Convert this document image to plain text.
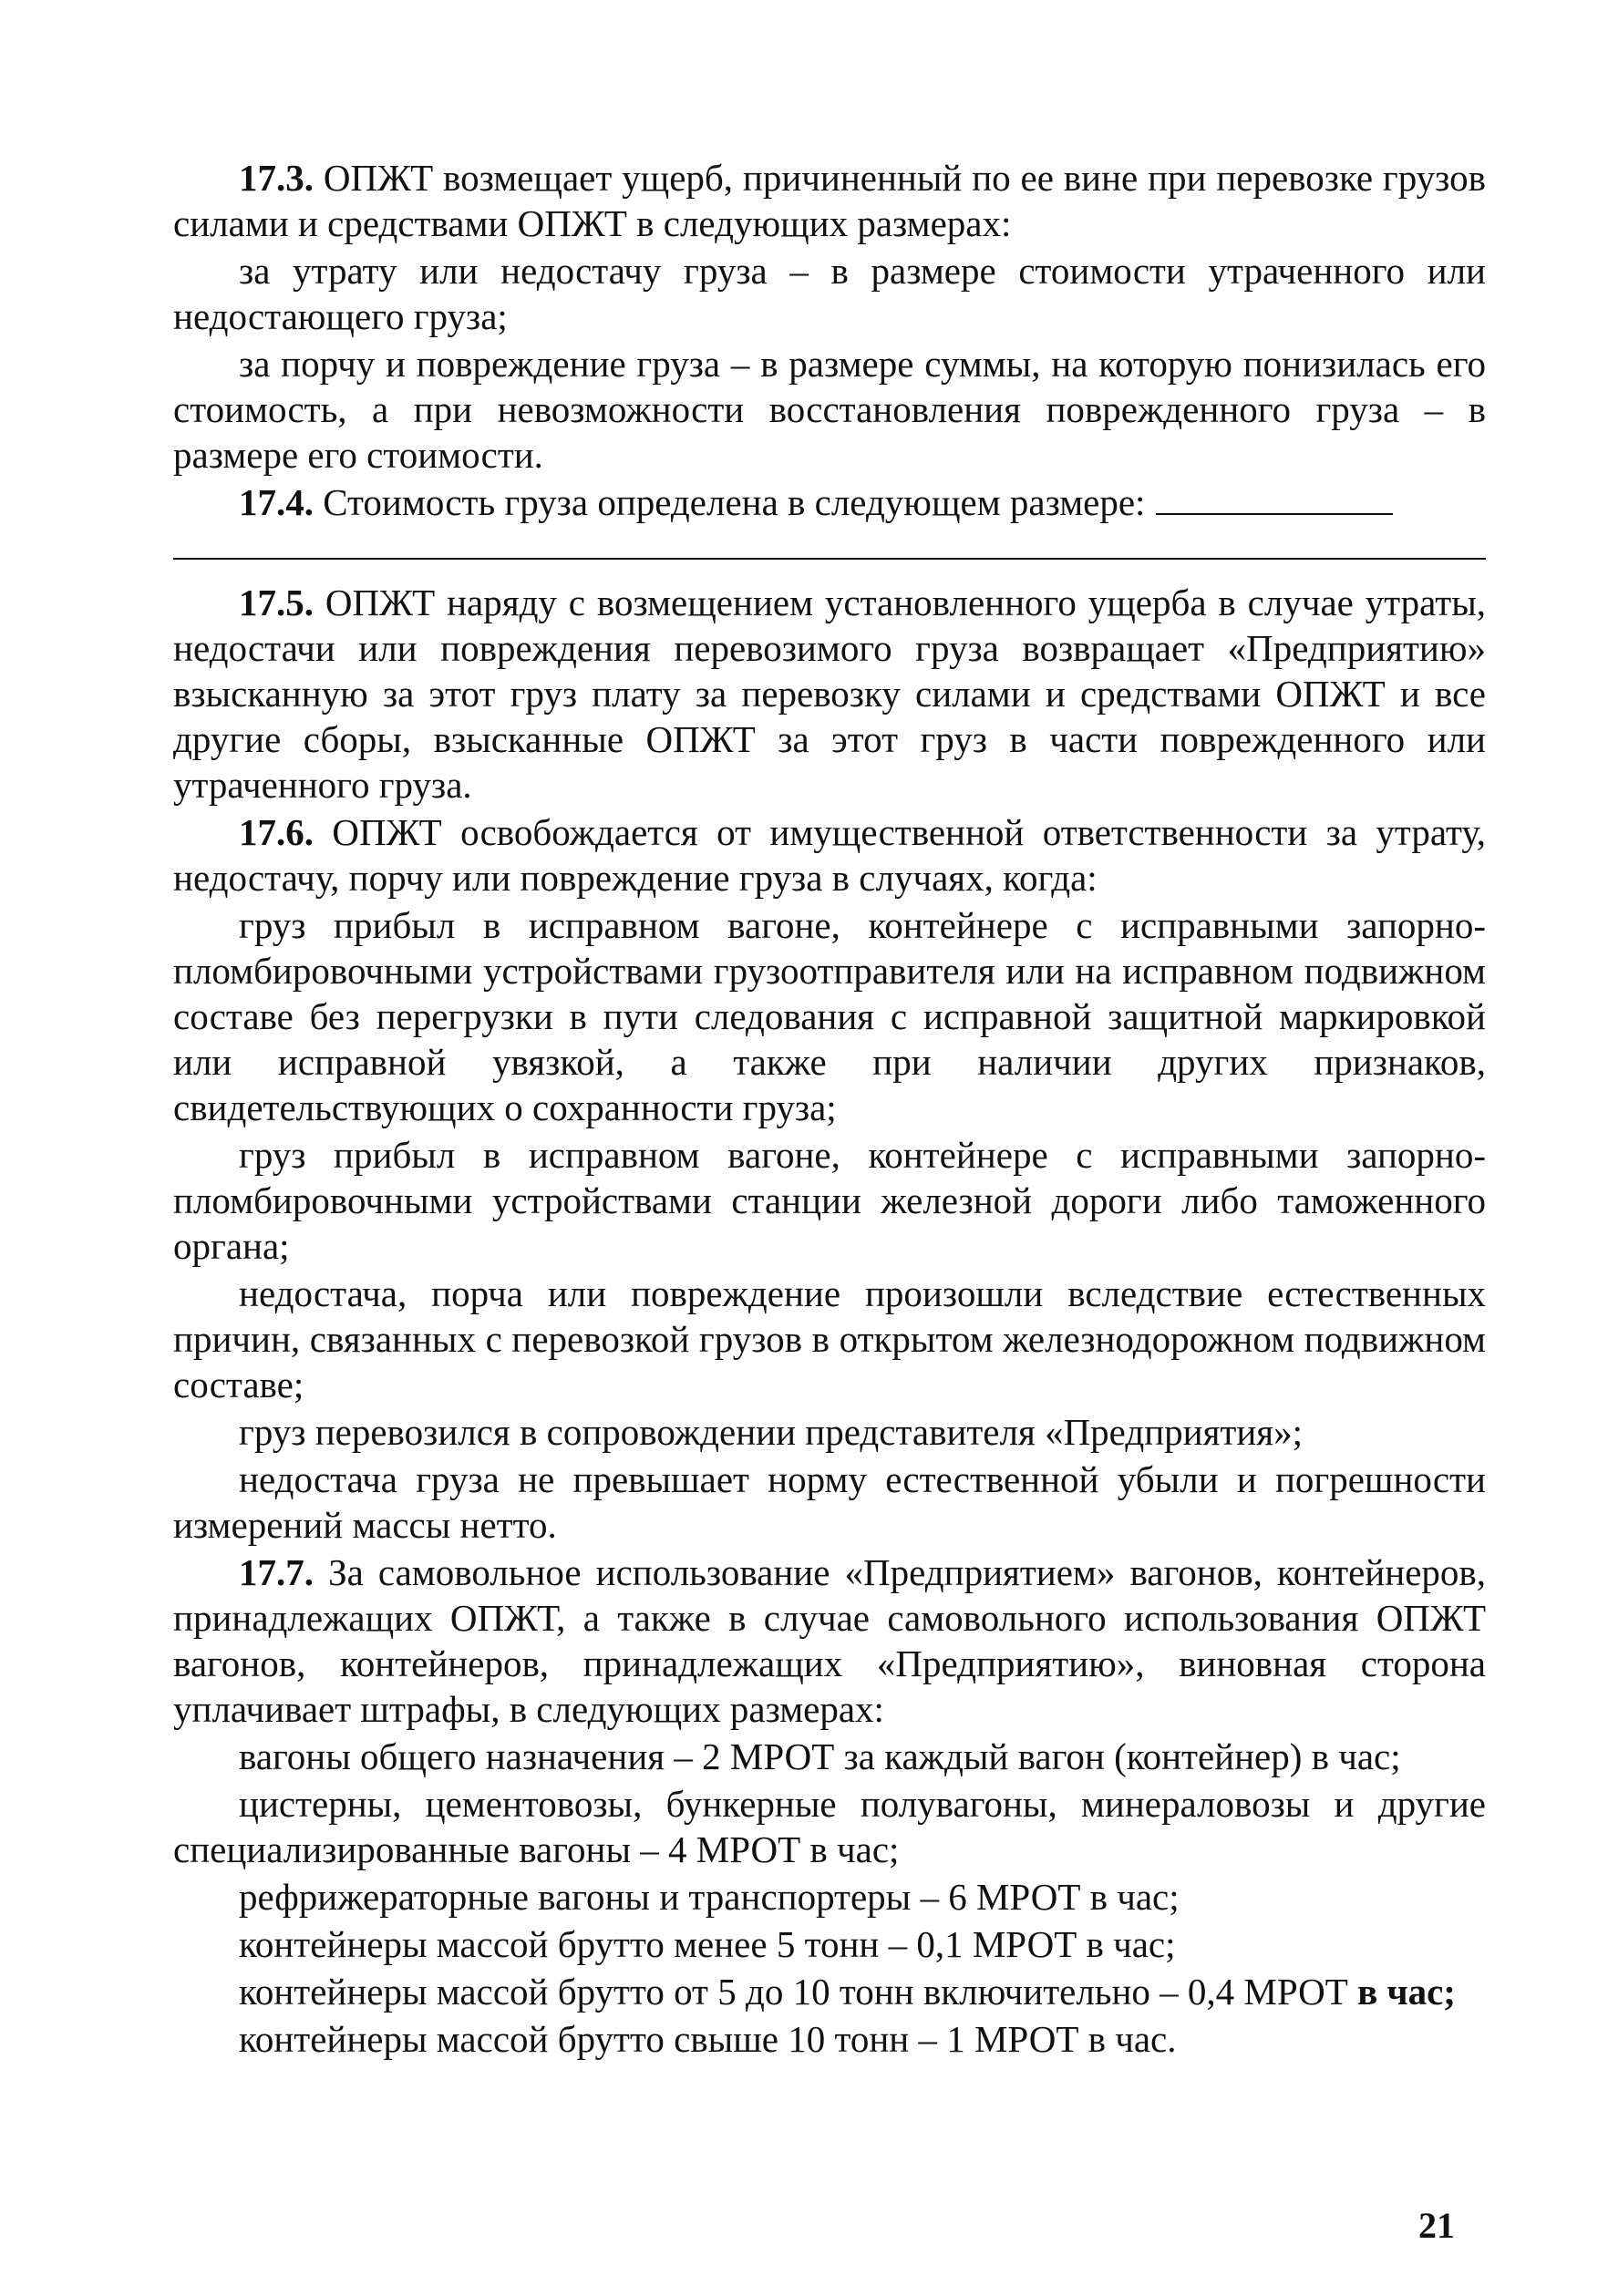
17.3. ОПЖТ возмещает ущерб, причиненный по ее вине при перевозке грузов силами и средствами ОПЖТ в следующих размерах:

за утрату или недостачу груза – в размере стоимости утраченного или недостающего груза;

за порчу и повреждение груза – в размере суммы, на которую понизилась его стоимость, а при невозможности восстановления поврежденного груза – в размере его стоимости.

17.4. Стоимость груза определена в следующем размере:

17.5. ОПЖТ наряду с возмещением установленного ущерба в случае утраты, недостачи или повреждения перевозимого груза возвращает «Предприятию» взысканную за этот груз плату за перевозку силами и средствами ОПЖТ и все другие сборы, взысканные ОПЖТ за этот груз в части поврежденного или утраченного груза.

17.6. ОПЖТ освобождается от имущественной ответственности за утрату, недостачу, порчу или повреждение груза в случаях, когда:

груз прибыл в исправном вагоне, контейнере с исправными запорно-пломбировочными устройствами грузоотправителя или на исправном подвижном составе без перегрузки в пути следования с исправной защитной маркировкой или исправной увязкой, а также при наличии других признаков, свидетельствующих о сохранности груза;

груз прибыл в исправном вагоне, контейнере с исправными запорно-пломбировочными устройствами станции железной дороги либо таможенного органа;

недостача, порча или повреждение произошли вследствие естественных причин, связанных с перевозкой грузов в открытом железнодорожном подвижном составе;

груз перевозился в сопровождении представителя «Предприятия»;

недостача груза не превышает норму естественной убыли и погрешности измерений массы нетто.

17.7. За самовольное использование «Предприятием» вагонов, контейнеров, принадлежащих ОПЖТ, а также в случае самовольного использования ОПЖТ вагонов, контейнеров, принадлежащих «Предприятию», виновная сторона уплачивает штрафы, в следующих размерах:

вагоны общего назначения – 2 МРОТ за каждый вагон (контейнер) в час;

цистерны, цементовозы, бункерные полувагоны, минераловозы и другие специализированные вагоны – 4 МРОТ в час;

рефрижераторные вагоны и транспортеры – 6 МРОТ в час;

контейнеры массой брутто менее 5 тонн – 0,1 МРОТ в час;

контейнеры массой брутто от 5 до 10 тонн включительно – 0,4 МРОТ в час;

контейнеры массой брутто свыше 10 тонн – 1 МРОТ в час.

21
